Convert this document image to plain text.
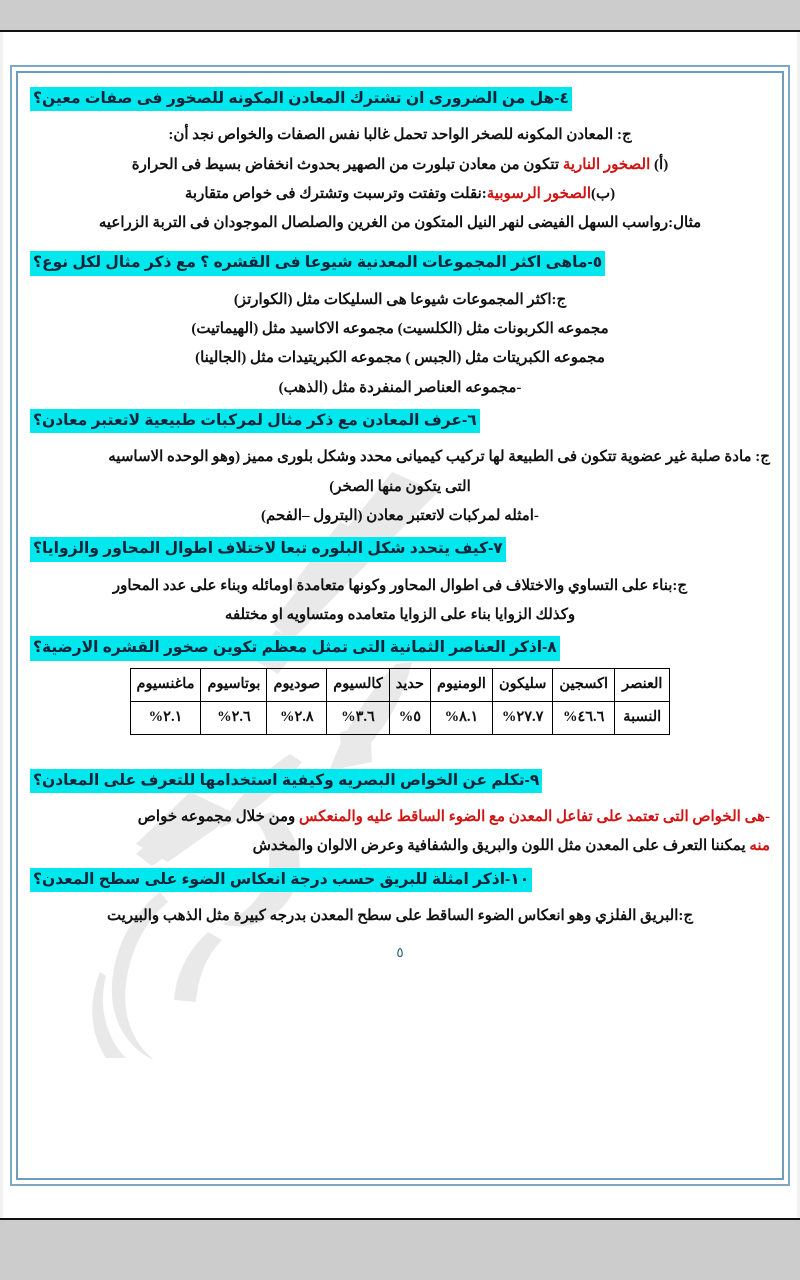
٤-هل من الضرورى ان تشترك المعادن المكونه للصخور فى صفات معين؟

ج: المعادن المكونه للصخر الواحد تحمل غالبا نفس الصفات والخواص نجد أن:

(أ) الصخور النارية تتكون من معادن تبلورت من الصهير بحدوث انخفاض بسيط فى الحرارة

(ب)الصخور الرسوبية:نقلت وتفتت وترسبت وتشترك فى خواص متقاربة

مثال:رواسب السهل الفيضى لنهر النيل المتكون من الغرين والصلصال الموجودان فى التربة الزراعيه

٥-ماهى اكثر المجموعات المعدنية شيوعا فى القشره ؟ مع ذكر مثال لكل نوع؟

ج:اكثر المجموعات شيوعا هى السليكات مثل (الكوارتز)

مجموعه الكربونات مثل (الكلسيت) مجموعه الاكاسيد مثل (الهيماتيت)

مجموعه الكبريتات مثل (الجبس ) مجموعه الكبريتيدات مثل (الجالينا)

-مجموعه العناصر المنفردة مثل (الذهب)

٦-عرف المعادن مع ذكر مثال لمركبات طبيعية لاتعتبر معادن؟

ج: مادة صلبة غير عضوية تتكون فى الطبيعة لها تركيب كيميانى محدد وشكل بلورى مميز (وهو الوحده الاساسيه

التى يتكون منها الصخر)

-امثله لمركبات لاتعتبر معادن (البترول –الفحم)

٧-كيف يتحدد شكل البلوره تبعا لاختلاف اطوال المحاور والزوايا؟

ج:بناء على التساوي والاختلاف فى اطوال المحاور وكونها متعامدة اومائله وبناء على عدد المحاور

وكذلك الزوايا بناء على الزوايا متعامده ومتساويه او مختلفه

٨-اذكر العناصر الثمانية التى تمثل معظم تكوين صخور القشره الارضية؟
العنصر	اكسجين	سليكون	الومنيوم	حديد	كالسيوم	صوديوم	بوتاسيوم	ماغنسيوم
النسبة	٤٦.٦%	٢٧.٧%	٨.١%	٥%	٣.٦%	٢.٨%	٢.٦%	٢.١%
٩-تكلم عن الخواص البصريه وكيفية استخدامها للتعرف على المعادن؟

-هى الخواص التى تعتمد على تفاعل المعدن مع الضوء الساقط عليه والمنعكس ومن خلال مجموعه خواص

منه يمكننا التعرف على المعدن مثل اللون والبريق والشفافية وعرض الالوان والمخدش

١٠-اذكر امثلة للبريق حسب درجة انعكاس الضوء على سطح المعدن؟

ج:البريق الفلزي وهو انعكاس الضوء الساقط على سطح المعدن بدرجه كبيرة مثل الذهب والبيريت

٥
